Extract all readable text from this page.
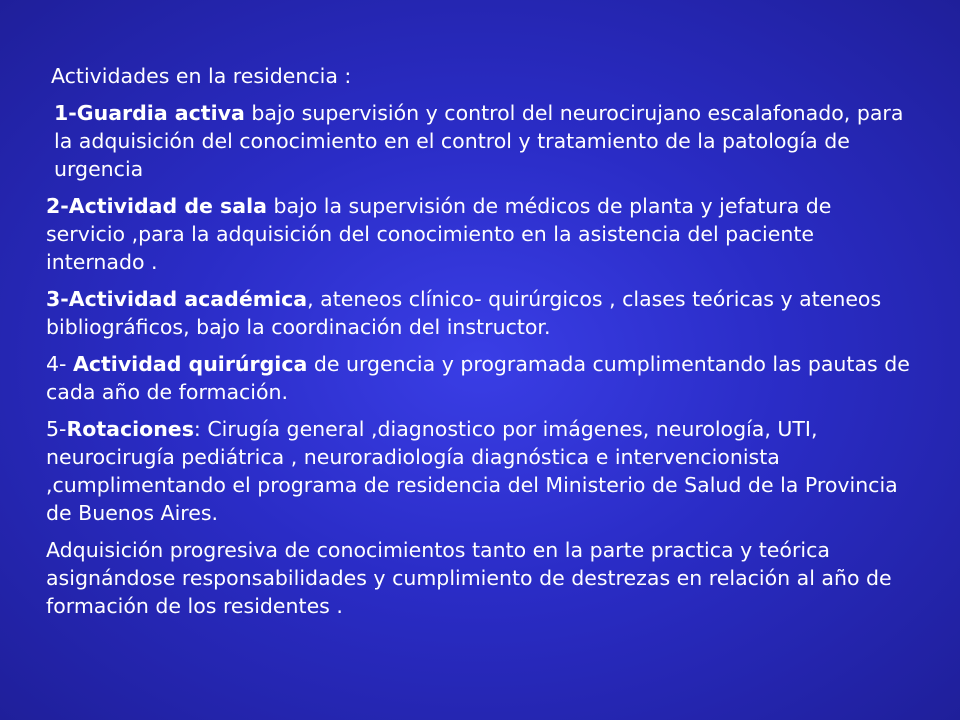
Actividades en la residencia :

1-Guardia activa bajo supervisión y control del neurocirujano escalafonado, para la adquisición del conocimiento en el control y tratamiento de la patología de urgencia

2-Actividad de sala bajo la supervisión de médicos de planta y jefatura de servicio ,para la adquisición del conocimiento en la asistencia del paciente internado .

3-Actividad académica, ateneos clínico- quirúrgicos , clases teóricas y ateneos bibliográficos, bajo la coordinación del instructor.

4- Actividad quirúrgica de urgencia y programada cumplimentando las pautas de cada año de formación.

5-Rotaciones: Cirugía general ,diagnostico por imágenes, neurología, UTI, neurocirugía pediátrica , neuroradiología diagnóstica e intervencionista ,cumplimentando el programa de residencia del Ministerio de Salud de la Provincia de Buenos Aires.

Adquisición progresiva de conocimientos tanto en la parte practica y teórica asignándose responsabilidades y cumplimiento de destrezas en relación al año de formación de los residentes .
